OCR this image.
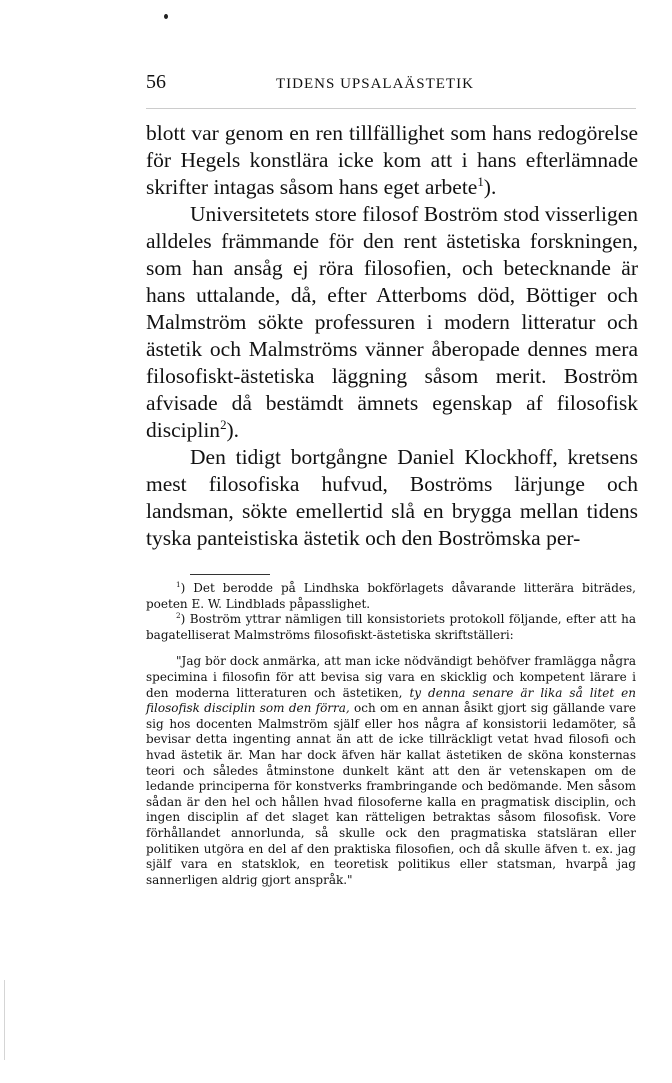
56	TIDENS UPSALAÄSTETIK

blott var genom en ren tillfällighet som hans redogörelse för Hegels konstlära icke kom att i hans efterlämnade skrifter intagas såsom hans eget arbete$^1$).

Universitetets store filosof Boström stod visserligen alldeles främmande för den rent ästetiska forskningen, som han ansåg ej röra filosofien, och betecknande är hans uttalande, då, efter Atterboms död, Böttiger och Malmström sökte professuren i modern litteratur och ästetik och Malmströms vänner åberopade dennes mera filosofiskt-ästetiska läggning såsom merit. Boström afvisade då bestämdt ämnets egenskap af filosofisk disciplin$^2$).

Den tidigt bortgångne Daniel Klockhoff, kretsens mest filosofiska hufvud, Boströms lärjunge och landsman, sökte emellertid slå en brygga mellan tidens tyska panteistiska ästetik och den Boströmska per-

$^1$) Det berodde på Lindhska bokförlagets dåvarande litterära biträdes, poeten E. W. Lindblads påpasslighet.

$^2$) Boström yttrar nämligen till konsistoriets protokoll följande, efter att ha bagatelliserat Malmströms filosofiskt-ästetiska skriftställeri:

"Jag bör dock anmärka, att man icke nödvändigt behöfver framlägga några specimina i filosofin för att bevisa sig vara en skicklig och kompetent lärare i den moderna litteraturen och ästetiken, ty denna senare är lika så litet en filosofisk disciplin som den förra, och om en annan åsikt gjort sig gällande vare sig hos docenten Malmström själf eller hos några af konsistorii ledamöter, så bevisar detta ingenting annat än att de icke tillräckligt vetat hvad filosofi och hvad ästetik är. Man har dock äfven här kallat ästetiken de sköna konsternas teori och således åtminstone dunkelt känt att den är vetenskapen om de ledande principerna för konstverks frambringande och bedömande. Men såsom sådan är den hel och hållen hvad filosoferne kalla en pragmatisk disciplin, och ingen disciplin af det slaget kan rätteligen betraktas såsom filosofisk. Vore förhållandet annorlunda, så skulle ock den pragmatiska statsläran eller politiken utgöra en del af den praktiska filosofien, och då skulle äfven t. ex. jag själf vara en statsklok, en teoretisk politikus eller statsman, hvarpå jag sannerligen aldrig gjort anspråk."
